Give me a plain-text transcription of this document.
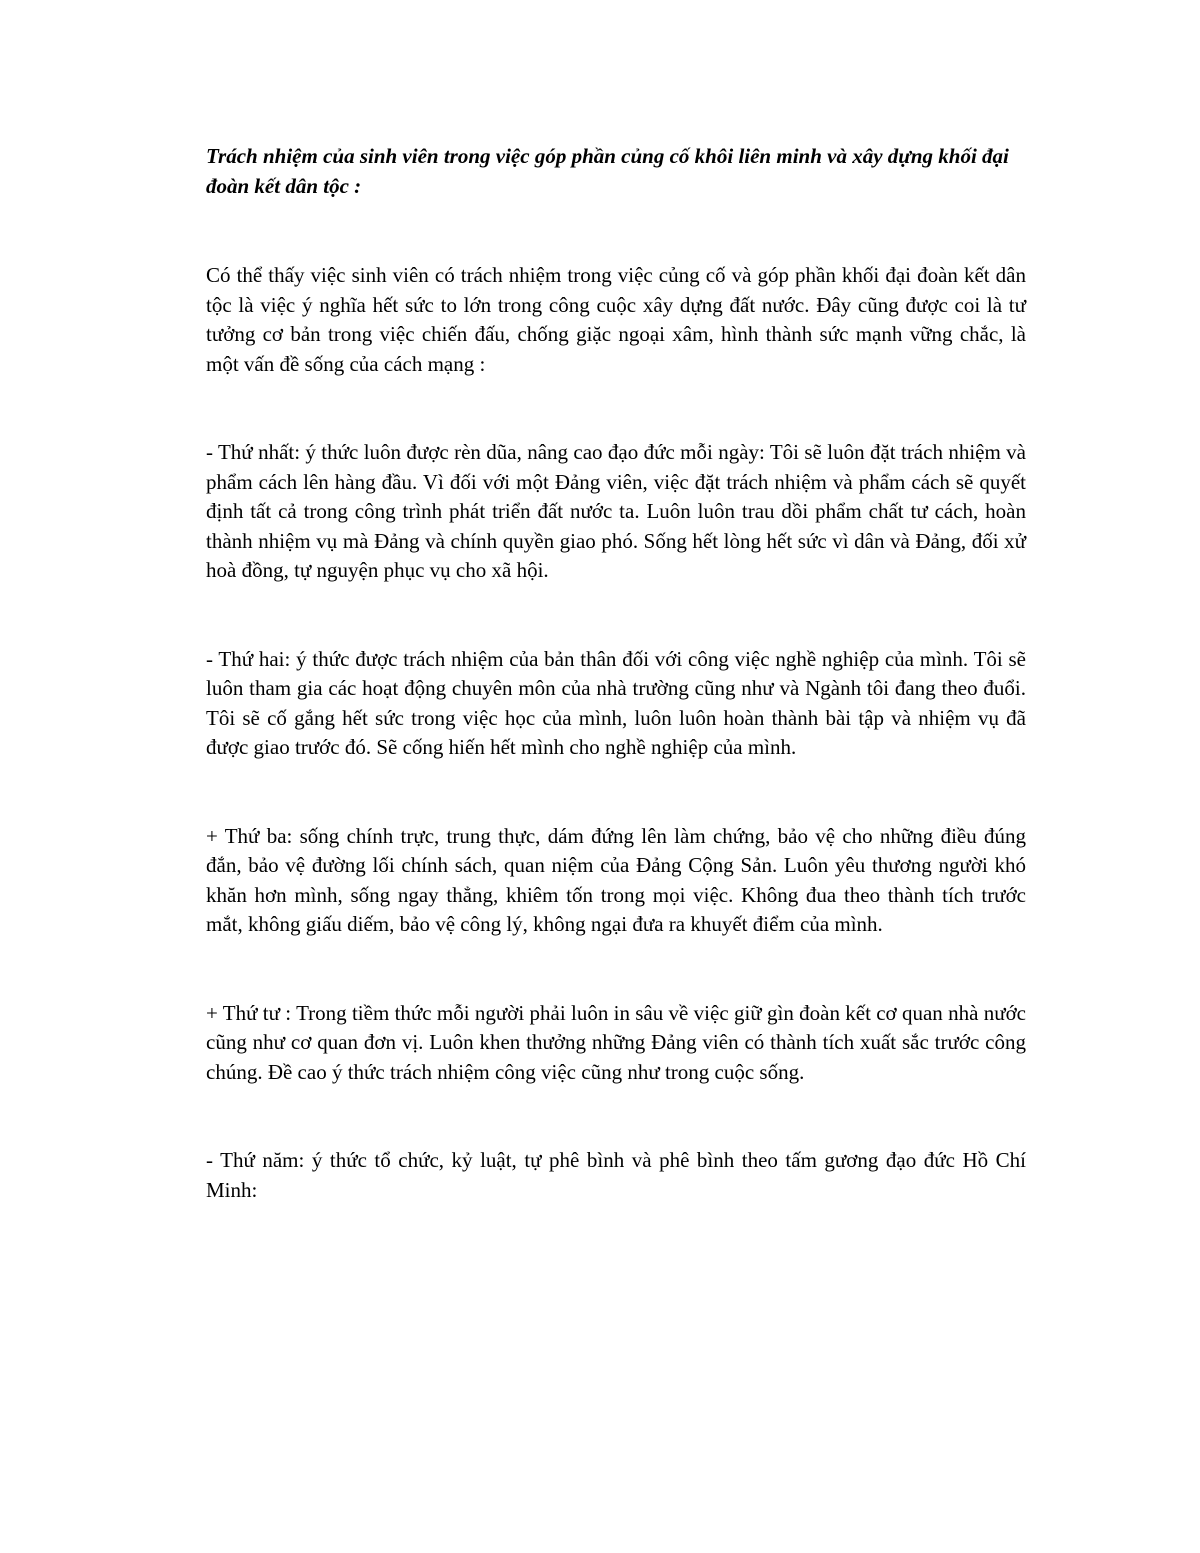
Trách nhiệm của sinh viên trong việc góp phần củng cố khôi liên minh và xây dựng khối đại đoàn kết dân tộc :

Có thể thấy việc sinh viên có trách nhiệm trong việc củng cố và góp phần khối đại đoàn kết dân tộc là việc ý nghĩa hết sức to lớn trong công cuộc xây dựng đất nước. Đây cũng được coi là tư tưởng cơ bản trong việc chiến đấu, chống giặc ngoại xâm, hình thành sức mạnh vững chắc, là một vấn đề sống của cách mạng :

- Thứ nhất: ý thức luôn được rèn dũa, nâng cao đạo đức mỗi ngày: Tôi sẽ luôn đặt trách nhiệm và phẩm cách lên hàng đầu. Vì đối với một Đảng viên, việc đặt trách nhiệm và phẩm cách sẽ quyết định tất cả trong công trình phát triển đất nước ta. Luôn luôn trau dồi phẩm chất tư cách, hoàn thành nhiệm vụ mà Đảng và chính quyền giao phó. Sống hết lòng hết sức vì dân và Đảng, đối xử hoà đồng, tự nguyện phục vụ cho xã hội.

- Thứ hai: ý thức được trách nhiệm của bản thân đối với công việc nghề nghiệp của mình. Tôi sẽ luôn tham gia các hoạt động chuyên môn của nhà trường cũng như và Ngành tôi đang theo đuổi. Tôi sẽ cố gắng hết sức trong việc học của mình, luôn luôn hoàn thành bài tập và nhiệm vụ đã được giao trước đó. Sẽ cống hiến hết mình cho nghề nghiệp của mình.

+ Thứ ba: sống chính trực, trung thực, dám đứng lên làm chứng, bảo vệ cho những điều đúng đắn, bảo vệ đường lối chính sách, quan niệm của Đảng Cộng Sản. Luôn yêu thương người khó khăn hơn mình, sống ngay thẳng, khiêm tốn trong mọi việc. Không đua theo thành tích trước mắt, không giấu diếm, bảo vệ công lý, không ngại đưa ra khuyết điểm của mình.

+ Thứ tư : Trong tiềm thức mỗi người phải luôn in sâu về việc giữ gìn đoàn kết cơ quan nhà nước cũng như cơ quan đơn vị. Luôn khen thưởng những Đảng viên có thành tích xuất sắc trước công chúng. Đề cao ý thức trách nhiệm công việc cũng như trong cuộc sống.

- Thứ năm: ý thức tổ chức, kỷ luật, tự phê bình và phê bình theo tấm gương đạo đức Hồ Chí Minh:
